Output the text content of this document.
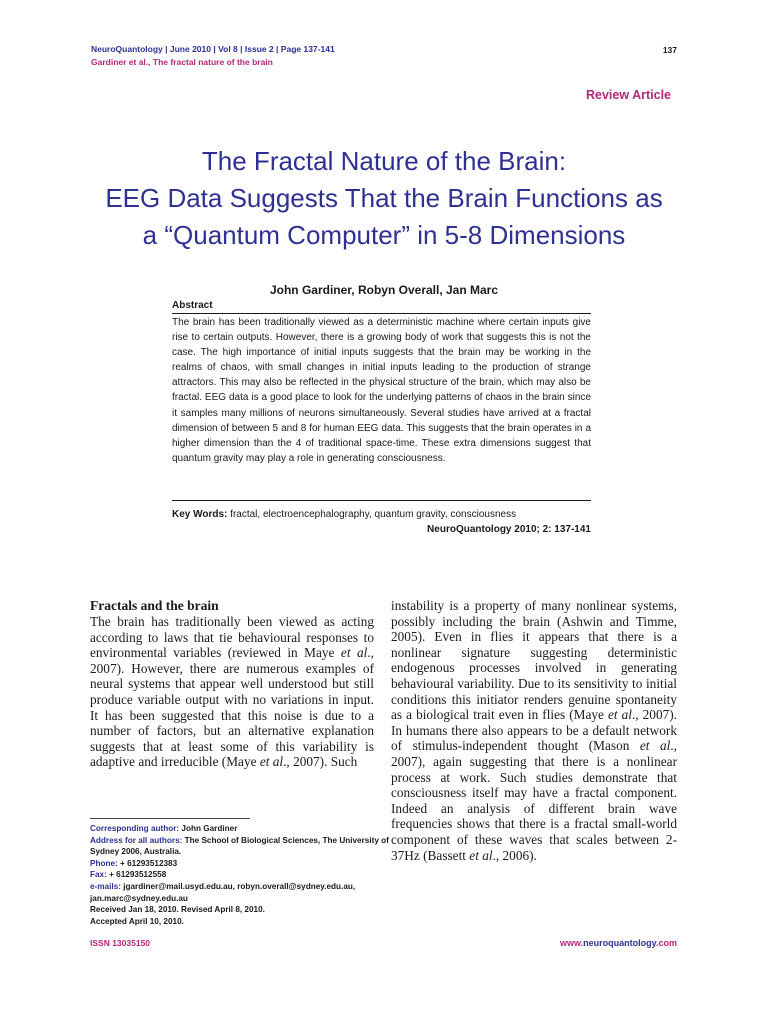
NeuroQuantology | June 2010 | Vol 8 | Issue 2 | Page 137-141
Gardiner et al., The fractal nature of the brain
137
Review Article
The Fractal Nature of the Brain:
EEG Data Suggests That the Brain Functions as
a “Quantum Computer” in 5-8 Dimensions
John Gardiner, Robyn Overall, Jan Marc
Abstract
The brain has been traditionally viewed as a deterministic machine where certain inputs give rise to certain outputs. However, there is a growing body of work that suggests this is not the case. The high importance of initial inputs suggests that the brain may be working in the realms of chaos, with small changes in initial inputs leading to the production of strange attractors. This may also be reflected in the physical structure of the brain, which may also be fractal. EEG data is a good place to look for the underlying patterns of chaos in the brain since it samples many millions of neurons simultaneously. Several studies have arrived at a fractal dimension of between 5 and 8 for human EEG data. This suggests that the brain operates in a higher dimension than the 4 of traditional space-time. These extra dimensions suggest that quantum gravity may play a role in generating consciousness.
Key Words: fractal, electroencephalography, quantum gravity, consciousness
NeuroQuantology 2010; 2: 137-141
Fractals and the brain
The brain has traditionally been viewed as acting according to laws that tie behavioural responses to environmental variables (reviewed in Maye et al., 2007). However, there are numerous examples of neural systems that appear well understood but still produce variable output with no variations in input. It has been suggested that this noise is due to a number of factors, but an alternative explanation suggests that at least some of this variability is adaptive and irreducible (Maye et al., 2007). Such
instability is a property of many nonlinear systems, possibly including the brain (Ashwin and Timme, 2005). Even in flies it appears that there is a nonlinear signature suggesting deterministic endogenous processes involved in generating behavioural variability. Due to its sensitivity to initial conditions this initiator renders genuine spontaneity as a biological trait even in flies (Maye et al., 2007). In humans there also appears to be a default network of stimulus-independent thought (Mason et al., 2007), again suggesting that there is a nonlinear process at work. Such studies demonstrate that consciousness itself may have a fractal component. Indeed an analysis of different brain wave frequencies shows that there is a fractal small-world component of these waves that scales between 2-37Hz (Bassett et al., 2006).
Corresponding author: John Gardiner
Address for all authors: The School of Biological Sciences, The University of Sydney 2006, Australia.
Phone: + 61293512383
Fax: + 61293512558
e-mails: jgardiner@mail.usyd.edu.au, robyn.overall@sydney.edu.au, jan.marc@sydney.edu.au
Received Jan 18, 2010. Revised April 8, 2010.
Accepted April 10, 2010.
ISSN 13035150	www.neuroquantology.com
